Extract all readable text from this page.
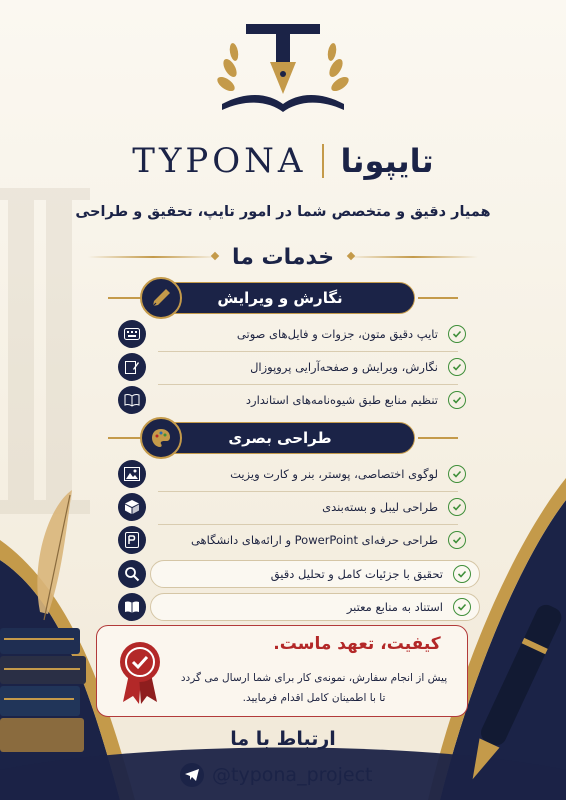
TYPONA تایپونا
همیار دقیق و متخصص شما در امور تایپ، تحقیق و طراحی
خدمات ما
نگارش و ویرایش
تایپ دقیق متون، جزوات و فایل‌های صوتی
نگارش، ویرایش و صفحه‌آرایی پروپوزال
تنظیم منابع طبق شیوه‌نامه‌های استاندارد
طراحی بصری
لوگوی اختصاصی، پوستر، بنر و کارت ویزیت
طراحی لیبل و بسته‌بندی
طراحی حرفه‌ای PowerPoint و ارائه‌های دانشگاهی
تحقیق با جزئیات کامل و تحلیل دقیق
استناد به منابع معتبر
کیفیت، تعهد ماست.
پیش از انجام سفارش، نمونه‌ی کار برای شما ارسال می گردد
تا با اطمینان کامل اقدام فرمایید.
ارتباط با ما
@typona_project
